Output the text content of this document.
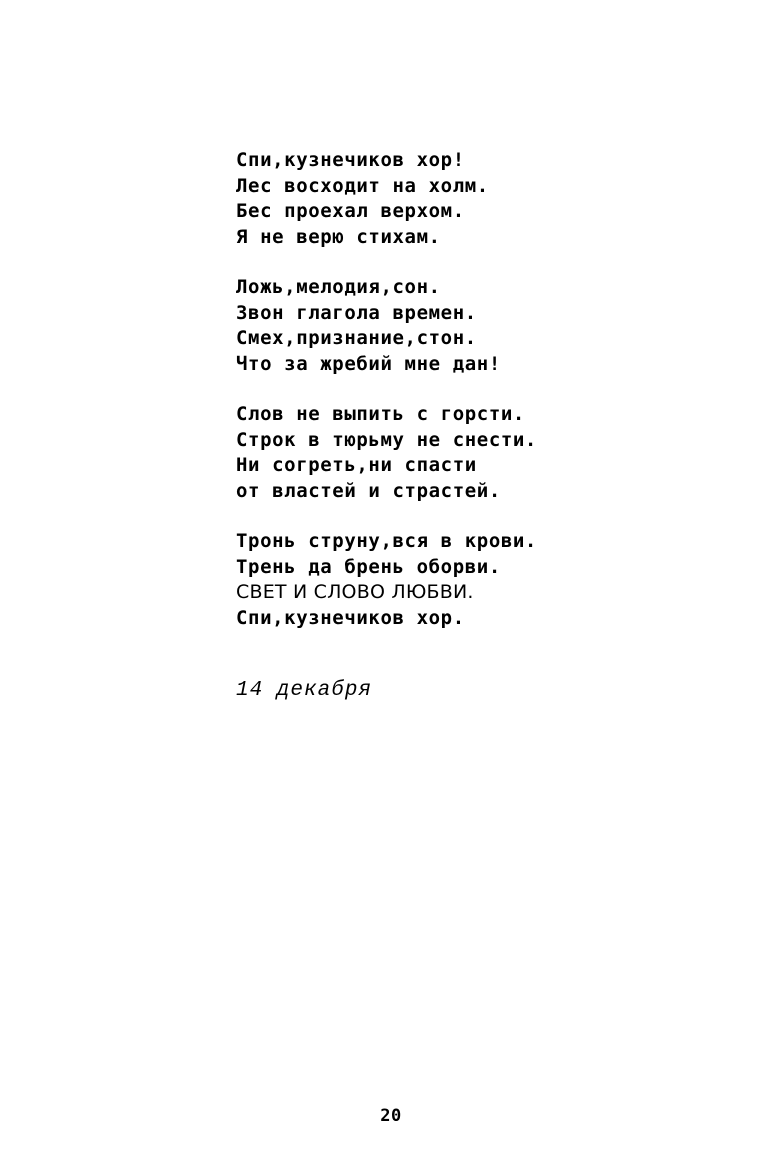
Спи,кузнечиков хор!
Лес восходит на холм.
Бес проехал верхом.
Я не верю стихам.
Ложь,мелодия,сон.
Звон глагола времен.
Смех,признание,стон.
Что за жребий мне дан!
Слов не выпить с горсти.
Строк в тюрьму не снести.
Ни согреть,ни спасти
от властей и страстей.
Тронь струну,вся в крови.
Трень да брень оборви.
СВЕТ И СЛОВО ЛЮБВИ.
Спи,кузнечиков хор.
14 декабря
20
